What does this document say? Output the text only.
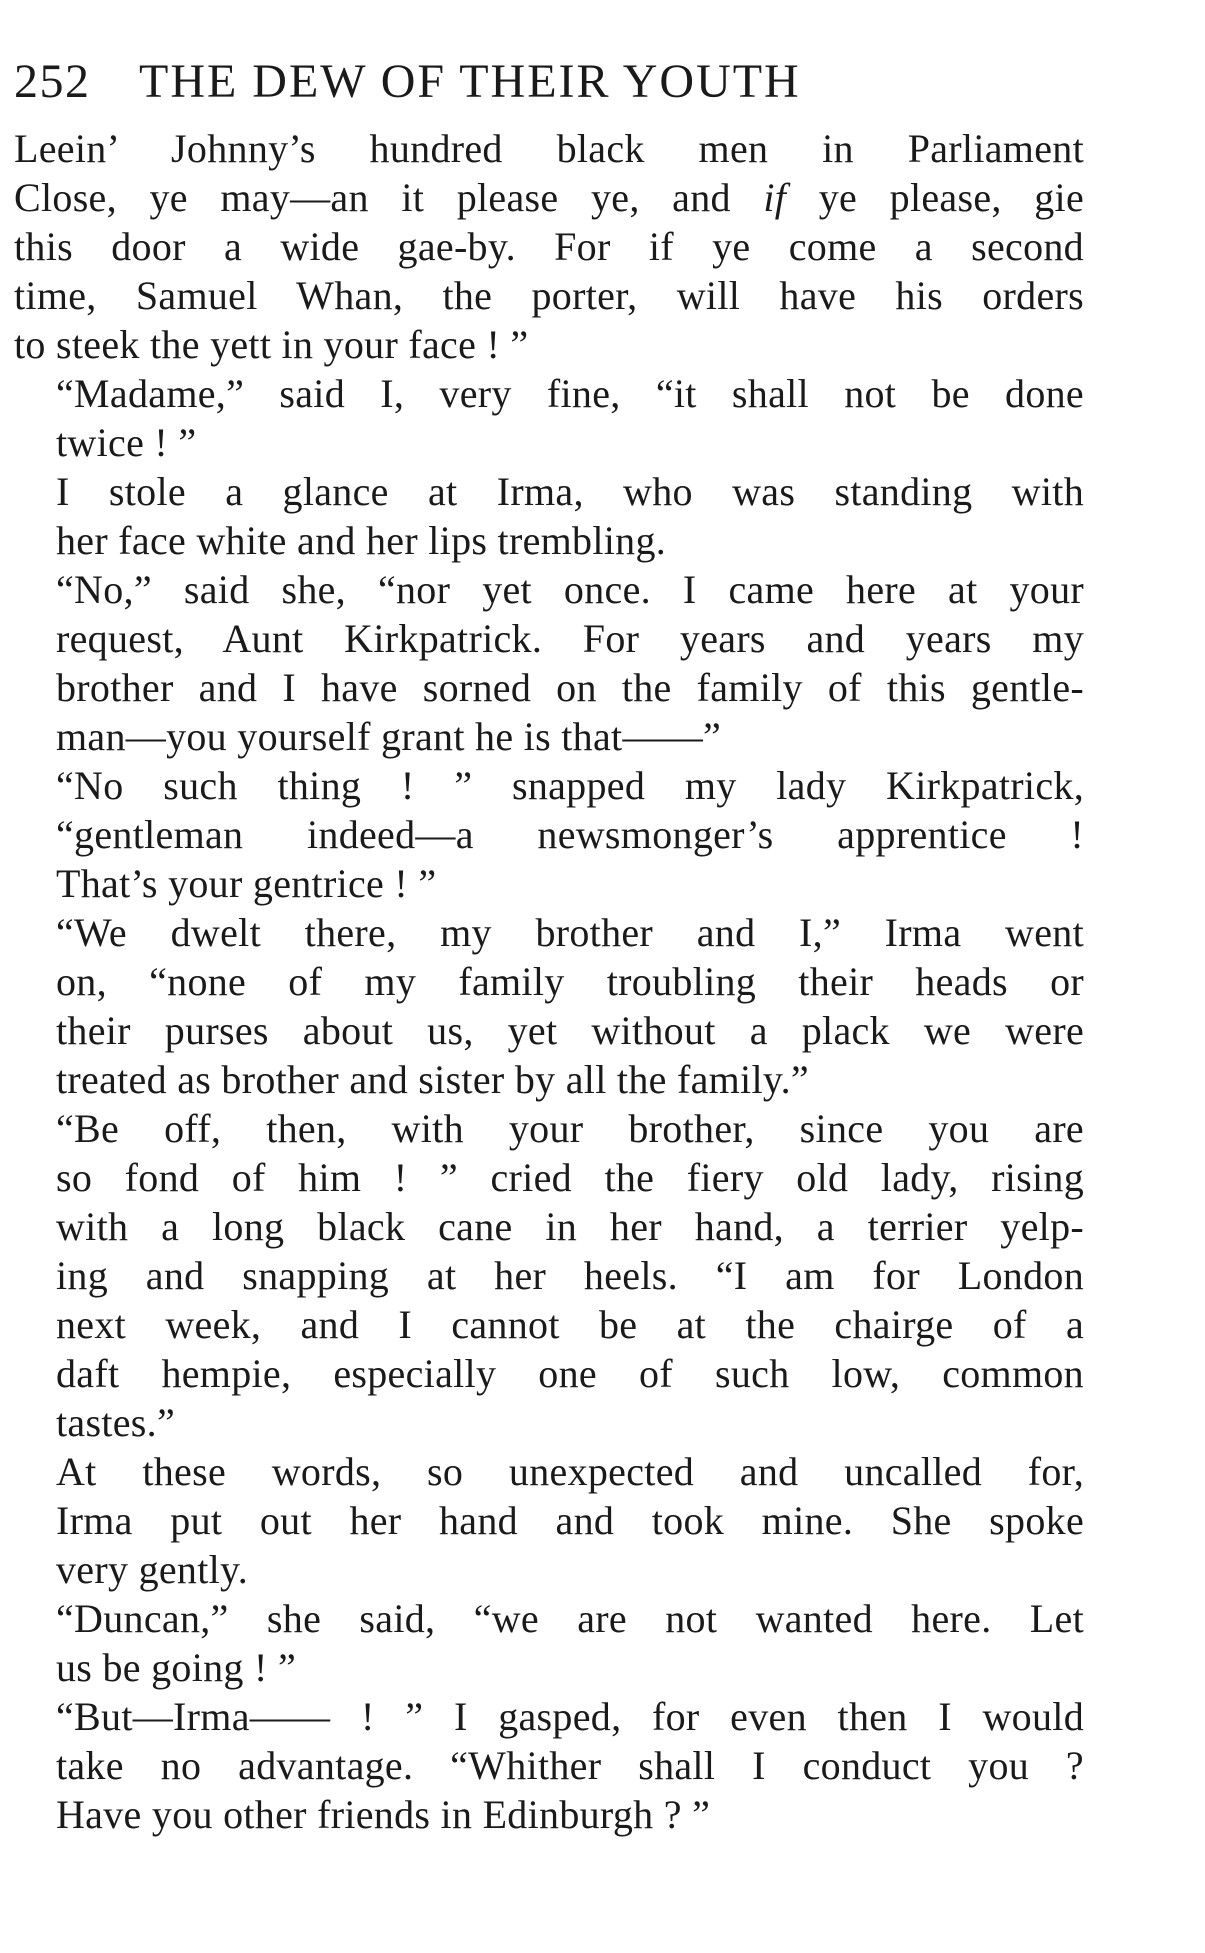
252 THE DEW OF THEIR YOUTH
Leein’ Johnny’s hundred black men in Parliament
Close, ye may—an it please ye, and if ye please, gie
this door a wide gae-by. For if ye come a second
time, Samuel Whan, the porter, will have his orders
to steek the yett in your face ! ”
“Madame,” said I, very fine, “it shall not be done
twice ! ”
I stole a glance at Irma, who was standing with
her face white and her lips trembling.
“No,” said she, “nor yet once. I came here at your
request, Aunt Kirkpatrick. For years and years my
brother and I have sorned on the family of this gentle-
man—you yourself grant he is that——”
“No such thing ! ” snapped my lady Kirkpatrick,
“gentleman indeed—a newsmonger’s apprentice !
That’s your gentrice ! ”
“We dwelt there, my brother and I,” Irma went
on, “none of my family troubling their heads or
their purses about us, yet without a plack we were
treated as brother and sister by all the family.”
“Be off, then, with your brother, since you are
so fond of him ! ” cried the fiery old lady, rising
with a long black cane in her hand, a terrier yelp-
ing and snapping at her heels. “I am for London
next week, and I cannot be at the chairge of a
daft hempie, especially one of such low, common
tastes.”
At these words, so unexpected and uncalled for,
Irma put out her hand and took mine. She spoke
very gently.
“Duncan,” she said, “we are not wanted here. Let
us be going ! ”
“But—Irma—— ! ” I gasped, for even then I would
take no advantage. “Whither shall I conduct you ?
Have you other friends in Edinburgh ? ”
